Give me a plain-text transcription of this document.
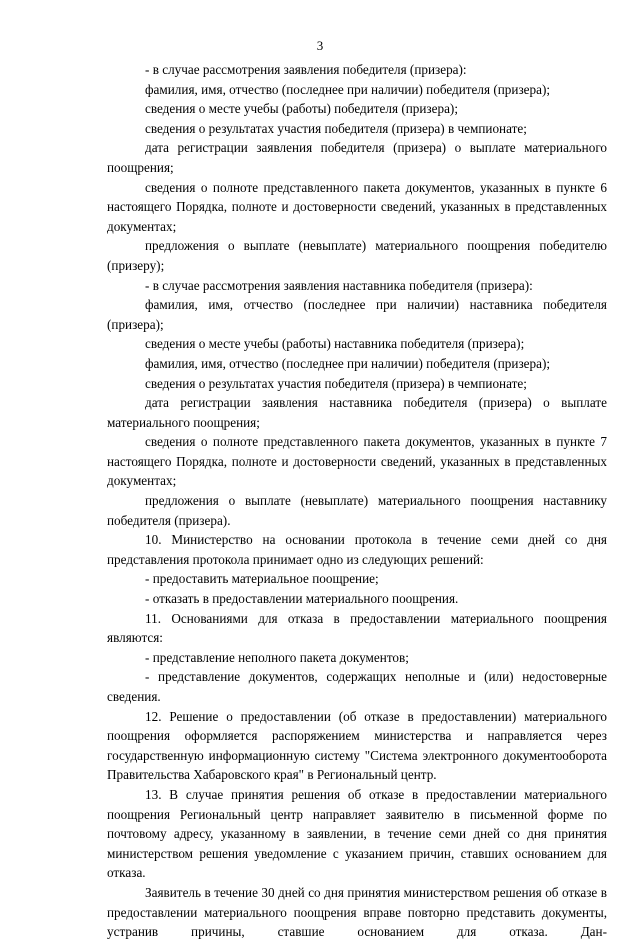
3

- в случае рассмотрения заявления победителя (призера):

фамилия, имя, отчество (последнее при наличии) победителя (призера);

сведения о месте учебы (работы) победителя (призера);

сведения о результатах участия победителя (призера) в чемпионате;

дата регистрации заявления победителя (призера) о выплате материального поощрения;

сведения о полноте представленного пакета документов, указанных в пункте 6 настоящего Порядка, полноте и достоверности сведений, указанных в представленных документах;

предложения о выплате (невыплате) материального поощрения победителю (призеру);

- в случае рассмотрения заявления наставника победителя (призера):

фамилия, имя, отчество (последнее при наличии) наставника победителя (призера);

сведения о месте учебы (работы) наставника победителя (призера);

фамилия, имя, отчество (последнее при наличии) победителя (призера);

сведения о результатах участия победителя (призера) в чемпионате;

дата регистрации заявления наставника победителя (призера) о выплате материального поощрения;

сведения о полноте представленного пакета документов, указанных в пункте 7 настоящего Порядка, полноте и достоверности сведений, указанных в представленных документах;

предложения о выплате (невыплате) материального поощрения наставнику победителя (призера).

10. Министерство на основании протокола в течение семи дней со дня представления протокола принимает одно из следующих решений:

- предоставить материальное поощрение;

- отказать в предоставлении материального поощрения.

11. Основаниями для отказа в предоставлении материального поощрения являются:

- представление неполного пакета документов;

- представление документов, содержащих неполные и (или) недостоверные сведения.

12. Решение о предоставлении (об отказе в предоставлении) материального поощрения оформляется распоряжением министерства и направляется через государственную информационную систему "Система электронного документооборота Правительства Хабаровского края" в Региональный центр.

13. В случае принятия решения об отказе в предоставлении материального поощрения Региональный центр направляет заявителю в письменной форме по почтовому адресу, указанному в заявлении, в течение семи дней со дня принятия министерством решения уведомление с указанием причин, ставших основанием для отказа.

Заявитель в течение 30 дней со дня принятия министерством решения об отказе в предоставлении материального поощрения вправе повторно представить документы, устранив причины, ставшие основанием для отказа. Дан-
